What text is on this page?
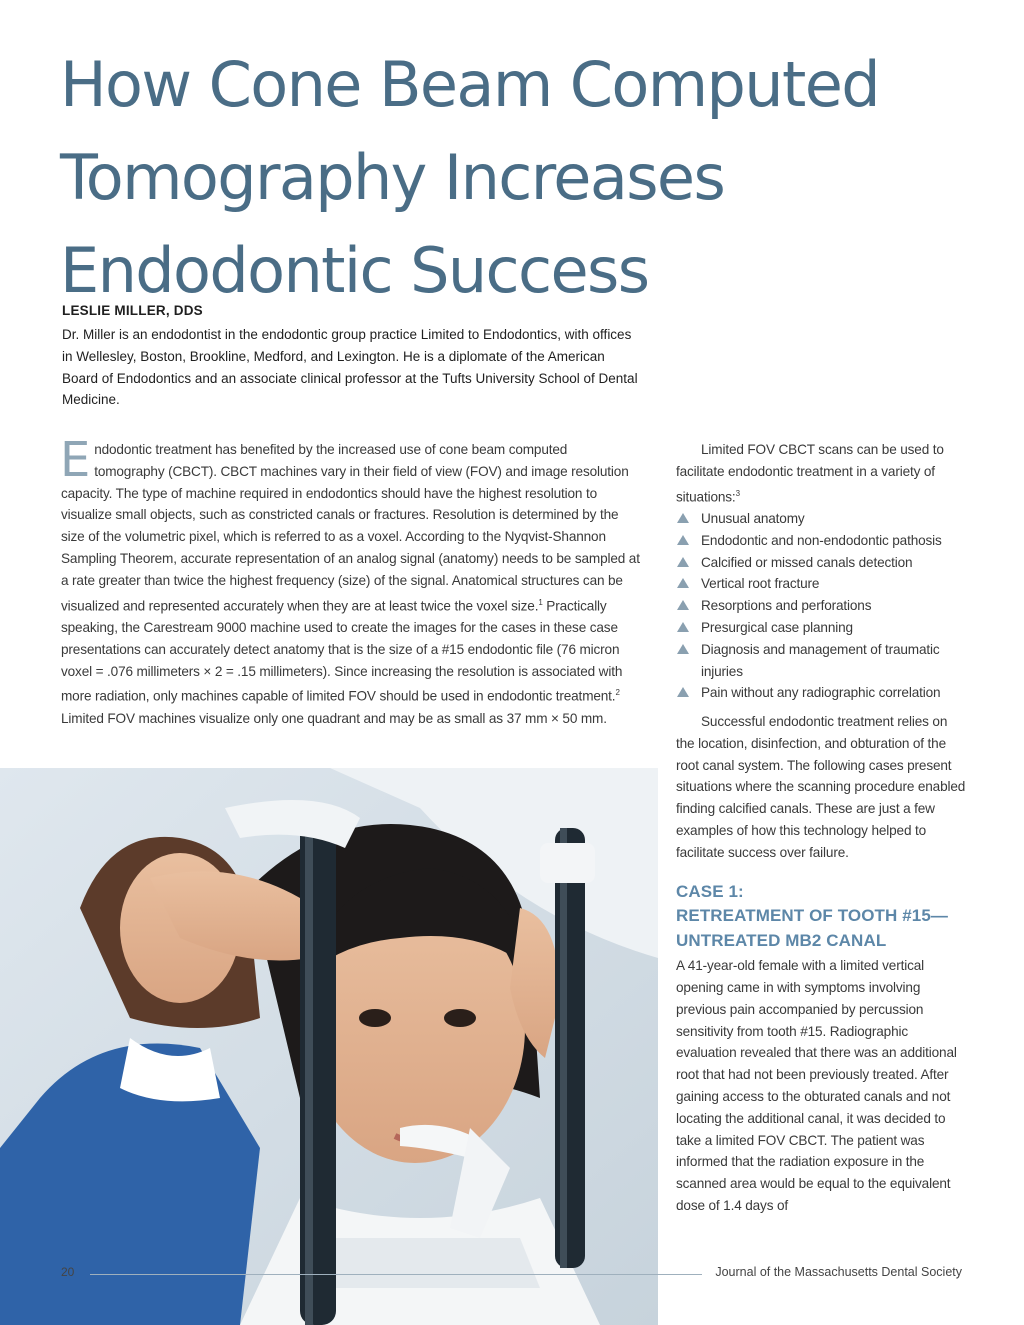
How Cone Beam Computed
Tomography Increases
Endodontic Success

LESLIE MILLER, DDS

Dr. Miller is an endodontist in the endodontic group practice Limited to Endodontics, with offices in Wellesley, Boston, Brookline, Medford, and Lexington. He is a diplomate of the American Board of Endodontics and an associate clinical professor at the Tufts University School of Dental Medicine.

Endodontic treatment has benefited by the increased use of cone beam computed tomography (CBCT). CBCT machines vary in their field of view (FOV) and image resolution capacity. The type of machine required in endodontics should have the highest resolution to visualize small objects, such as constricted canals or fractures. Resolution is determined by the size of the volumetric pixel, which is referred to as a voxel. According to the Nyqvist-Shannon Sampling Theorem, accurate representation of an analog signal (anatomy) needs to be sampled at a rate greater than twice the highest frequency (size) of the signal. Anatomical structures can be visualized and represented accurately when they are at least twice the voxel size.$^1$ Practically speaking, the Carestream 9000 machine used to create the images for the cases in these case presentations can accurately detect anatomy that is the size of a #15 endodontic file (76 micron voxel = .076 millimeters × 2 = .15 millimeters). Since increasing the resolution is associated with more radiation, only machines capable of limited FOV should be used in endodontic treatment.$^2$ Limited FOV machines visualize only one quadrant and may be as small as 37 mm × 50 mm.

Limited FOV CBCT scans can be used to facilitate endodontic treatment in a variety of situations:$^3$

Unusual anatomy
Endodontic and non-endodontic pathosis
Calcified or missed canals detection
Vertical root fracture
Resorptions and perforations
Presurgical case planning
Diagnosis and management of traumatic injuries
Pain without any radiographic correlation

Successful endodontic treatment relies on the location, disinfection, and obturation of the root canal system. The following cases present situations where the scanning procedure enabled finding calcified canals. These are just a few examples of how this technology helped to facilitate success over failure.

CASE 1:
RETREATMENT OF TOOTH #15—
UNTREATED MB2 CANAL

A 41-year-old female with a limited vertical opening came in with symptoms involving previous pain accompanied by percussion sensitivity from tooth #15. Radiographic evaluation revealed that there was an additional root that had not been previously treated. After gaining access to the obturated canals and not locating the additional canal, it was decided to take a limited FOV CBCT. The patient was informed that the radiation exposure in the scanned area would be equal to the equivalent dose of 1.4 days of

20	Journal of the Massachusetts Dental Society
